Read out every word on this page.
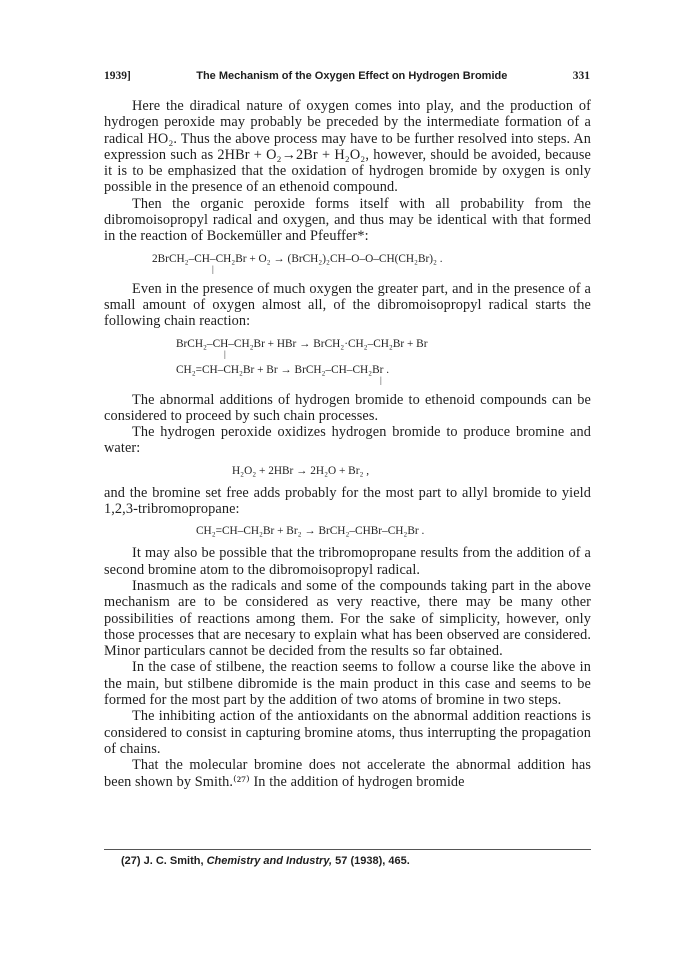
1939]	The Mechanism of the Oxygen Effect on Hydrogen Bromide	331

Here the diradical nature of oxygen comes into play, and the production of hydrogen peroxide may probably be preceded by the intermediate formation of a radical HO₂. Thus the above process may have to be further resolved into steps. An expression such as 2HBr + O₂→2Br + H₂O₂, however, should be avoided, because it is to be emphasized that the oxidation of hydrogen bromide by oxygen is only possible in the presence of an ethenoid compound.

Then the organic peroxide forms itself with all probability from the dibromoisopropyl radical and oxygen, and thus may be identical with that formed in the reaction of Bockemüller and Pfeuffer*:

2BrCH₂–CH–CH₂Br + O₂ → (BrCH₂)₂CH–O–O–CH(CH₂Br)₂ .
|

Even in the presence of much oxygen the greater part, and in the presence of a small amount of oxygen almost all, of the dibromoisopropyl radical starts the following chain reaction:

BrCH₂–CH–CH₂Br + HBr → BrCH₂·CH₂–CH₂Br + Br
|
CH₂=CH–CH₂Br + Br → BrCH₂–CH–CH₂Br .
|

The abnormal additions of hydrogen bromide to ethenoid compounds can be considered to proceed by such chain processes.

The hydrogen peroxide oxidizes hydrogen bromide to produce bromine and water:

H₂O₂ + 2HBr → 2H₂O + Br₂ ,

and the bromine set free adds probably for the most part to allyl bromide to yield 1,2,3-tribromopropane:

CH₂=CH–CH₂Br + Br₂ → BrCH₂–CHBr–CH₂Br .

It may also be possible that the tribromopropane results from the addition of a second bromine atom to the dibromoisopropyl radical.

Inasmuch as the radicals and some of the compounds taking part in the above mechanism are to be considered as very reactive, there may be many other possibilities of reactions among them. For the sake of simplicity, however, only those processes that are necesary to explain what has been observed are considered. Minor particulars cannot be decided from the results so far obtained.

In the case of stilbene, the reaction seems to follow a course like the above in the main, but stilbene dibromide is the main product in this case and seems to be formed for the most part by the addition of two atoms of bromine in two steps.

The inhibiting action of the antioxidants on the abnormal addition reactions is considered to consist in capturing bromine atoms, thus interrupting the propagation of chains.

That the molecular bromine does not accelerate the abnormal addition has been shown by Smith.⁽²⁷⁾ In the addition of hydrogen bromide

(27) J. C. Smith, Chemistry and Industry, 57 (1938), 465.
